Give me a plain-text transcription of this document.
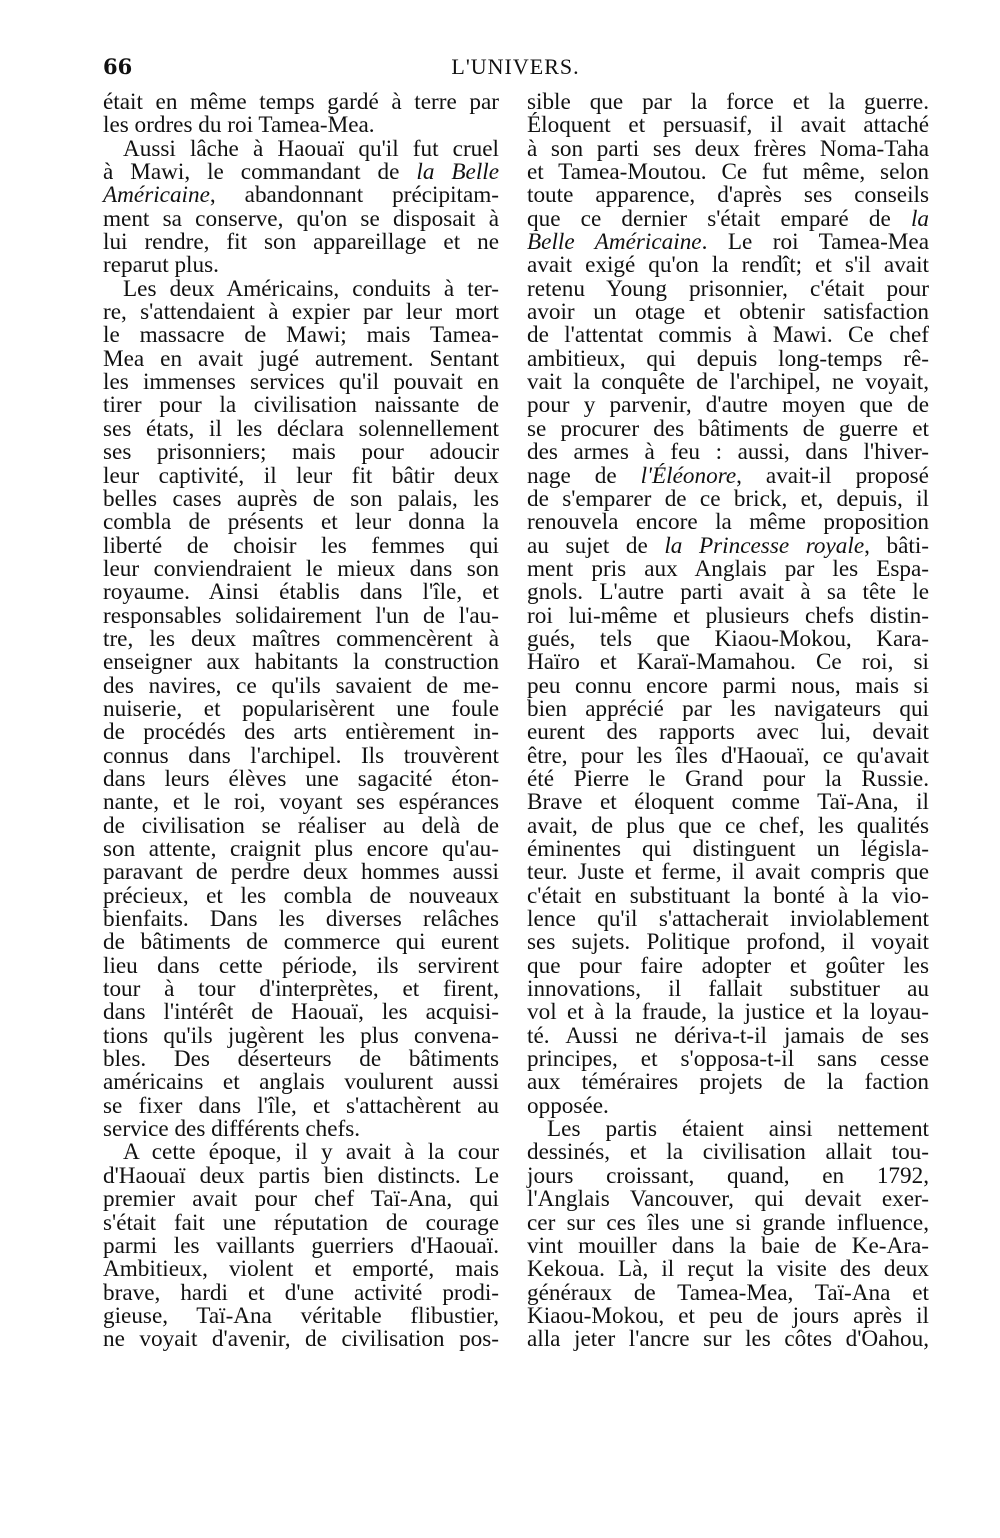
66	L'UNIVERS.
était en même temps gardé à terre par
les ordres du roi Tamea-Mea.
Aussi lâche à Haouaï qu'il fut cruel
à Mawi, le commandant de la Belle
Américaine, abandonnant précipitam-
ment sa conserve, qu'on se disposait à
lui rendre, fit son appareillage et ne
reparut plus.
Les deux Américains, conduits à ter-
re, s'attendaient à expier par leur mort
le massacre de Mawi; mais Tamea-
Mea en avait jugé autrement. Sentant
les immenses services qu'il pouvait en
tirer pour la civilisation naissante de
ses états, il les déclara solennellement
ses prisonniers; mais pour adoucir
leur captivité, il leur fit bâtir deux
belles cases auprès de son palais, les
combla de présents et leur donna la
liberté de choisir les femmes qui
leur conviendraient le mieux dans son
royaume. Ainsi établis dans l'île, et
responsables solidairement l'un de l'au-
tre, les deux maîtres commencèrent à
enseigner aux habitants la construction
des navires, ce qu'ils savaient de me-
nuiserie, et popularisèrent une foule
de procédés des arts entièrement in-
connus dans l'archipel. Ils trouvèrent
dans leurs élèves une sagacité éton-
nante, et le roi, voyant ses espérances
de civilisation se réaliser au delà de
son attente, craignit plus encore qu'au-
paravant de perdre deux hommes aussi
précieux, et les combla de nouveaux
bienfaits. Dans les diverses relâches
de bâtiments de commerce qui eurent
lieu dans cette période, ils servirent
tour à tour d'interprètes, et firent,
dans l'intérêt de Haouaï, les acquisi-
tions qu'ils jugèrent les plus convena-
bles. Des déserteurs de bâtiments
américains et anglais voulurent aussi
se fixer dans l'île, et s'attachèrent au
service des différents chefs.
A cette époque, il y avait à la cour
d'Haouaï deux partis bien distincts. Le
premier avait pour chef Taï-Ana, qui
s'était fait une réputation de courage
parmi les vaillants guerriers d'Haouaï.
Ambitieux, violent et emporté, mais
brave, hardi et d'une activité prodi-
gieuse, Taï-Ana véritable flibustier,
ne voyait d'avenir, de civilisation pos-
sible que par la force et la guerre.
Éloquent et persuasif, il avait attaché
à son parti ses deux frères Noma-Taha
et Tamea-Moutou. Ce fut même, selon
toute apparence, d'après ses conseils
que ce dernier s'était emparé de la
Belle Américaine. Le roi Tamea-Mea
avait exigé qu'on la rendît; et s'il avait
retenu Young prisonnier, c'était pour
avoir un otage et obtenir satisfaction
de l'attentat commis à Mawi. Ce chef
ambitieux, qui depuis long-temps rê-
vait la conquête de l'archipel, ne voyait,
pour y parvenir, d'autre moyen que de
se procurer des bâtiments de guerre et
des armes à feu : aussi, dans l'hiver-
nage de l'Éléonore, avait-il proposé
de s'emparer de ce brick, et, depuis, il
renouvela encore la même proposition
au sujet de la Princesse royale, bâti-
ment pris aux Anglais par les Espa-
gnols. L'autre parti avait à sa tête le
roi lui-même et plusieurs chefs distin-
gués, tels que Kiaou-Mokou, Kara-
Haïro et Karaï-Mamahou. Ce roi, si
peu connu encore parmi nous, mais si
bien apprécié par les navigateurs qui
eurent des rapports avec lui, devait
être, pour les îles d'Haouaï, ce qu'avait
été Pierre le Grand pour la Russie.
Brave et éloquent comme Taï-Ana, il
avait, de plus que ce chef, les qualités
éminentes qui distinguent un législa-
teur. Juste et ferme, il avait compris que
c'était en substituant la bonté à la vio-
lence qu'il s'attacherait inviolablement
ses sujets. Politique profond, il voyait
que pour faire adopter et goûter les
innovations, il fallait substituer au
vol et à la fraude, la justice et la loyau-
té. Aussi ne dériva-t-il jamais de ses
principes, et s'opposa-t-il sans cesse
aux téméraires projets de la faction
opposée.
Les partis étaient ainsi nettement
dessinés, et la civilisation allait tou-
jours croissant, quand, en 1792,
l'Anglais Vancouver, qui devait exer-
cer sur ces îles une si grande influence,
vint mouiller dans la baie de Ke-Ara-
Kekoua. Là, il reçut la visite des deux
généraux de Tamea-Mea, Taï-Ana et
Kiaou-Mokou, et peu de jours après il
alla jeter l'ancre sur les côtes d'Oahou,
